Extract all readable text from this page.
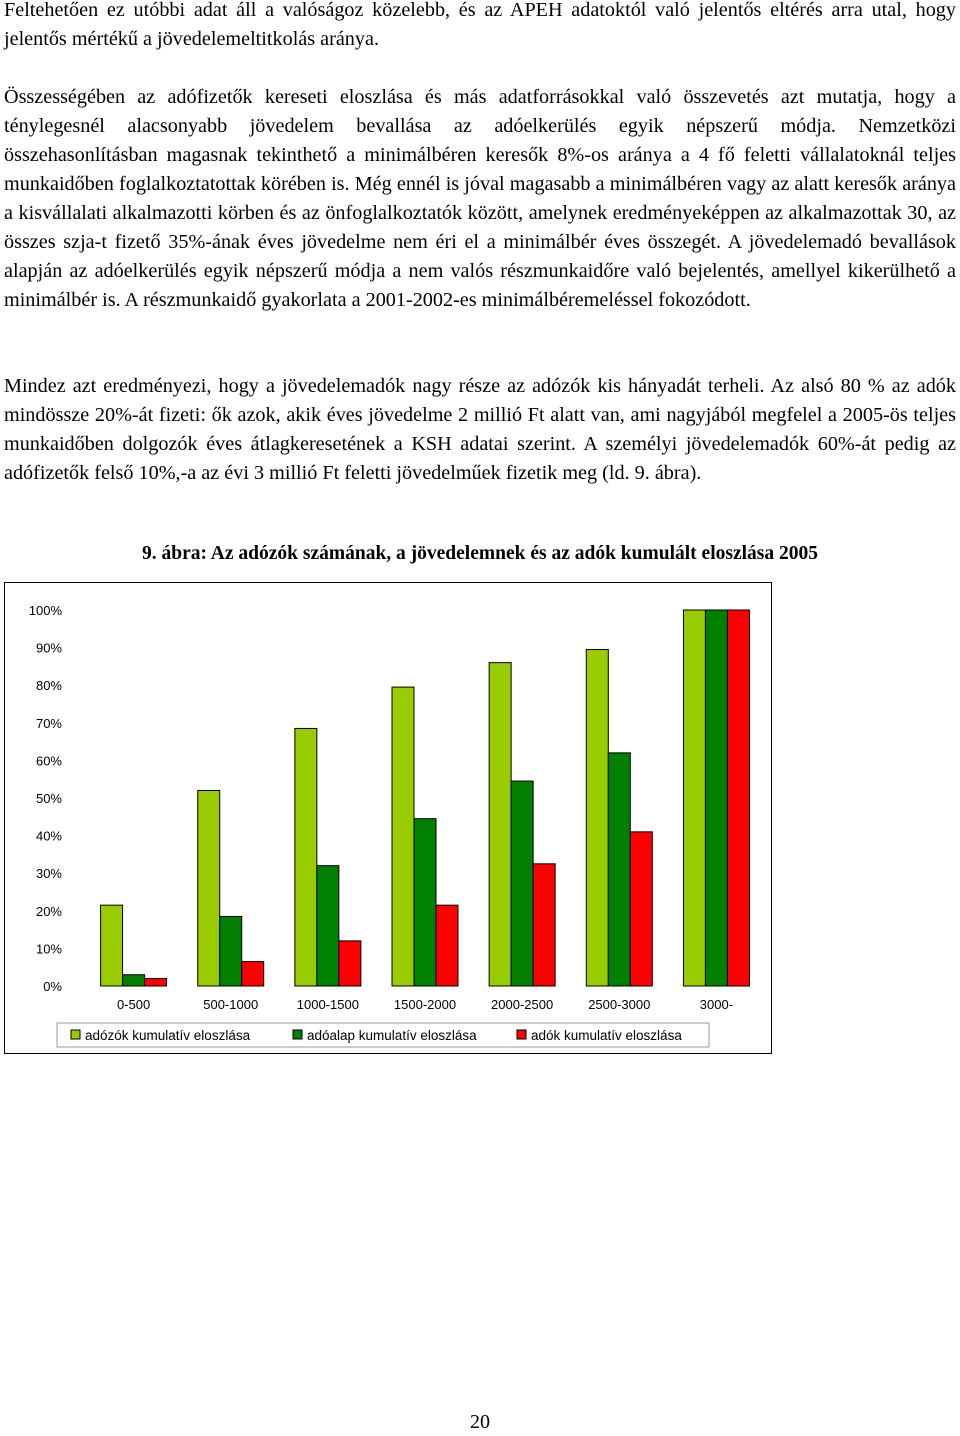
Feltehetően ez utóbbi adat áll a valóságoz közelebb, és az APEH adatoktól való jelentős eltérés arra utal, hogy jelentős mértékű a jövedelemeltitkolás aránya.

Összességében az adófizetők kereseti eloszlása és más adatforrásokkal való összevetés azt mutatja, hogy a ténylegesnél alacsonyabb jövedelem bevallása az adóelkerülés egyik népszerű módja. Nemzetközi összehasonlításban magasnak tekinthető a minimálbéren keresők 8%-os aránya a 4 fő feletti vállalatoknál teljes munkaidőben foglalkoztatottak körében is. Még ennél is jóval magasabb a minimálbéren vagy az alatt keresők aránya a kisvállalati alkalmazotti körben és az önfoglalkoztatók között, amelynek eredményeképpen az alkalmazottak 30, az összes szja-t fizető 35%-ának éves jövedelme nem éri el a minimálbér éves összegét. A jövedelemadó bevallások alapján az adóelkerülés egyik népszerű módja a nem valós részmunkaidőre való bejelentés, amellyel kikerülhető a minimálbér is. A részmunkaidő gyakorlata a 2001-2002-es minimálbéremeléssel fokozódott.

Mindez azt eredményezi, hogy a jövedelemadók nagy része az adózók kis hányadát terheli. Az alsó 80 % az adók mindössze 20%-át fizeti: ők azok, akik éves jövedelme 2 millió Ft alatt van, ami nagyjából megfelel a 2005-ös teljes munkaidőben dolgozók éves átlagkeresetének a KSH adatai szerint. A személyi jövedelemadók 60%-át pedig az adófizetők felső 10%,-a az évi 3 millió Ft feletti jövedelműek fizetik meg (ld. 9. ábra).

9. ábra: Az adózók számának, a jövedelemnek és az adók kumulált eloszlása 2005
0%
10%
20%
30%
40%
50%
60%
70%
80%
90%
100%
0-500	500-1000	1000-1500	1500-2000	2000-2500	2500-3000	3000-
adózók kumulatív eloszlása	adóalap kumulatív eloszlása	adók kumulatív eloszlása
20
